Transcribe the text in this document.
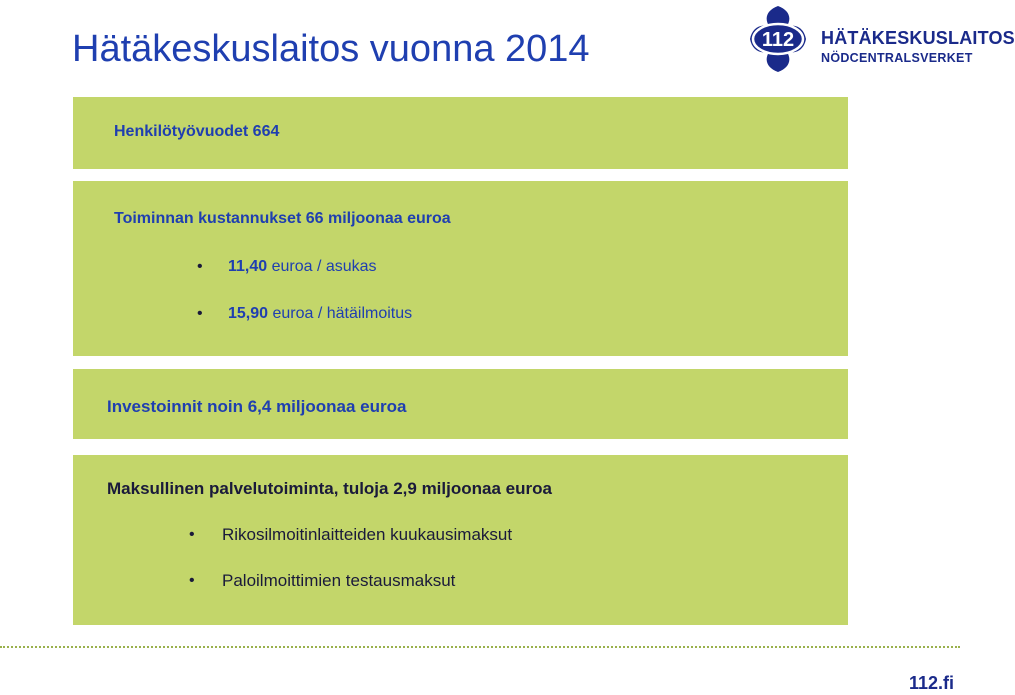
Hätäkeskuslaitos vuonna 2014	112 HÄTÄKESKUSLAITOS
NÖDCENTRALSVERKET
Henkilötyövuodet 664
Toiminnan kustannukset 66 miljoonaa euroa
• 11,40 euroa / asukas
• 15,90 euroa / hätäilmoitus
Investoinnit noin 6,4 miljoonaa euroa
Maksullinen palvelutoiminta, tuloja 2,9 miljoonaa euroa
• Rikosilmoitinlaitteiden kuukausimaksut
• Paloilmoittimien testausmaksut
112.fi
